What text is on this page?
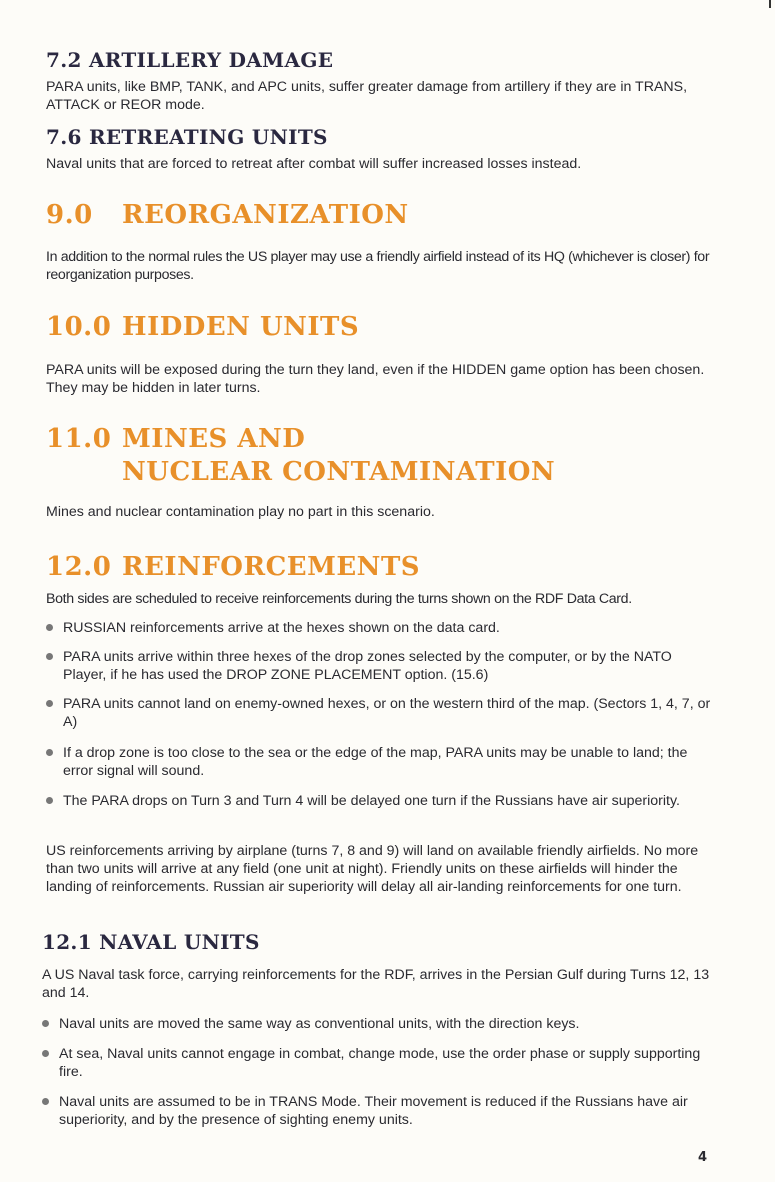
7.2 ARTILLERY DAMAGE
PARA units, like BMP, TANK, and APC units, suffer greater damage from artillery if they are in TRANS, ATTACK or REOR mode.
7.6 RETREATING UNITS
Naval units that are forced to retreat after combat will suffer increased losses instead.
9.0 REORGANIZATION
In addition to the normal rules the US player may use a friendly airfield instead of its HQ (whichever is closer) for reorganization purposes.
10.0 HIDDEN UNITS
PARA units will be exposed during the turn they land, even if the HIDDEN game option has been chosen. They may be hidden in later turns.
11.0 MINES AND
NUCLEAR CONTAMINATION
Mines and nuclear contamination play no part in this scenario.
12.0 REINFORCEMENTS
Both sides are scheduled to receive reinforcements during the turns shown on the RDF Data Card.
RUSSIAN reinforcements arrive at the hexes shown on the data card.
PARA units arrive within three hexes of the drop zones selected by the computer, or by the NATO Player, if he has used the DROP ZONE PLACEMENT option. (15.6)
PARA units cannot land on enemy-owned hexes, or on the western third of the map. (Sectors 1, 4, 7, or A)
If a drop zone is too close to the sea or the edge of the map, PARA units may be unable to land; the error signal will sound.
The PARA drops on Turn 3 and Turn 4 will be delayed one turn if the Russians have air superiority.
US reinforcements arriving by airplane (turns 7, 8 and 9) will land on available friendly airfields. No more than two units will arrive at any field (one unit at night). Friendly units on these airfields will hinder the landing of reinforcements. Russian air superiority will delay all air-landing reinforcements for one turn.
12.1 NAVAL UNITS
A US Naval task force, carrying reinforcements for the RDF, arrives in the Persian Gulf during Turns 12, 13 and 14.
Naval units are moved the same way as conventional units, with the direction keys.
At sea, Naval units cannot engage in combat, change mode, use the order phase or supply supporting fire.
Naval units are assumed to be in TRANS Mode. Their movement is reduced if the Russians have air superiority, and by the presence of sighting enemy units.
4
